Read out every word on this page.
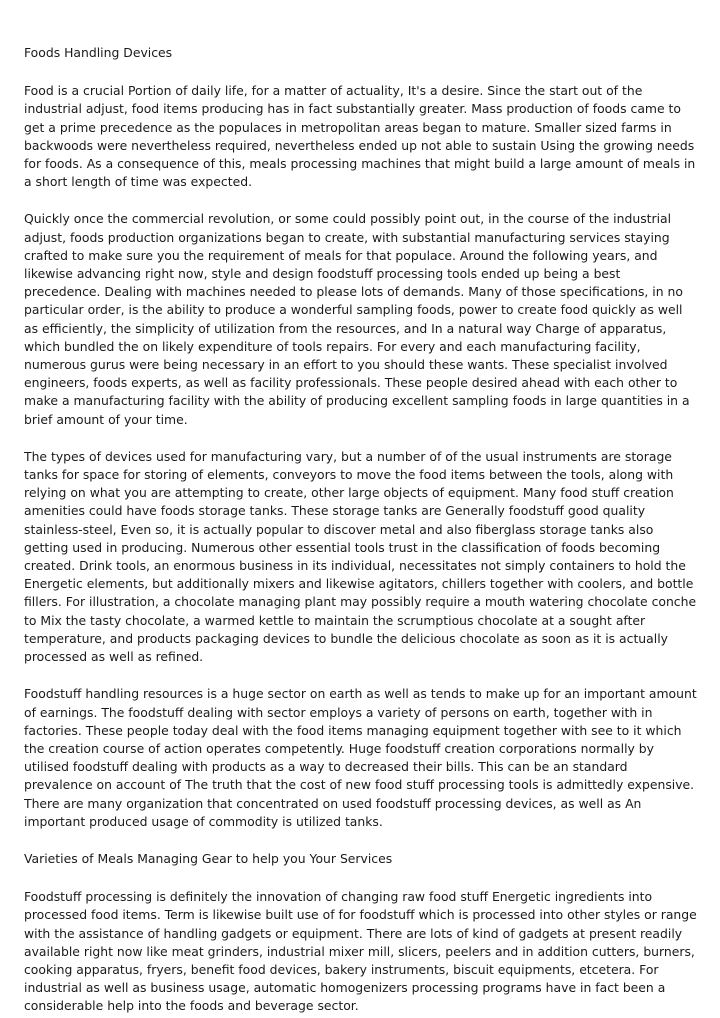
Foods Handling Devices

Food is a crucial Portion of daily life, for a matter of actuality, It's a desire. Since the start out of the industrial adjust, food items producing has in fact substantially greater. Mass production of foods came to get a prime precedence as the populaces in metropolitan areas began to mature. Smaller sized farms in backwoods were nevertheless required, nevertheless ended up not able to sustain Using the growing needs for foods. As a consequence of this, meals processing machines that might build a large amount of meals in a short length of time was expected.

Quickly once the commercial revolution, or some could possibly point out, in the course of the industrial adjust, foods production organizations began to create, with substantial manufacturing services staying crafted to make sure you the requirement of meals for that populace. Around the following years, and likewise advancing right now, style and design foodstuff processing tools ended up being a best precedence. Dealing with machines needed to please lots of demands. Many of those specifications, in no particular order, is the ability to produce a wonderful sampling foods, power to create food quickly as well as efficiently, the simplicity of utilization from the resources, and In a natural way Charge of apparatus, which bundled the on likely expenditure of tools repairs. For every and each manufacturing facility, numerous gurus were being necessary in an effort to you should these wants. These specialist involved engineers, foods experts, as well as facility professionals. These people desired ahead with each other to make a manufacturing facility with the ability of producing excellent sampling foods in large quantities in a brief amount of your time.

The types of devices used for manufacturing vary, but a number of of the usual instruments are storage tanks for space for storing of elements, conveyors to move the food items between the tools, along with relying on what you are attempting to create, other large objects of equipment. Many food stuff creation amenities could have foods storage tanks. These storage tanks are Generally foodstuff good quality stainless-steel, Even so, it is actually popular to discover metal and also fiberglass storage tanks also getting used in producing. Numerous other essential tools trust in the classification of foods becoming created. Drink tools, an enormous business in its individual, necessitates not simply containers to hold the Energetic elements, but additionally mixers and likewise agitators, chillers together with coolers, and bottle fillers. For illustration, a chocolate managing plant may possibly require a mouth watering chocolate conche to Mix the tasty chocolate, a warmed kettle to maintain the scrumptious chocolate at a sought after temperature, and products packaging devices to bundle the delicious chocolate as soon as it is actually processed as well as refined.

Foodstuff handling resources is a huge sector on earth as well as tends to make up for an important amount of earnings. The foodstuff dealing with sector employs a variety of persons on earth, together with in factories. These people today deal with the food items managing equipment together with see to it which the creation course of action operates competently. Huge foodstuff creation corporations normally by utilised foodstuff dealing with products as a way to decreased their bills. This can be an standard prevalence on account of The truth that the cost of new food stuff processing tools is admittedly expensive. There are many organization that concentrated on used foodstuff processing devices, as well as An important produced usage of commodity is utilized tanks.

Varieties of Meals Managing Gear to help you Your Services

Foodstuff processing is definitely the innovation of changing raw food stuff Energetic ingredients into processed food items. Term is likewise built use of for foodstuff which is processed into other styles or range with the assistance of handling gadgets or equipment. There are lots of kind of gadgets at present readily available right now like meat grinders, industrial mixer mill, slicers, peelers and in addition cutters, burners, cooking apparatus, fryers, benefit food devices, bakery instruments, biscuit equipments, etcetera. For industrial as well as business usage, automatic homogenizers processing programs have in fact been a considerable help into the foods and beverage sector.
